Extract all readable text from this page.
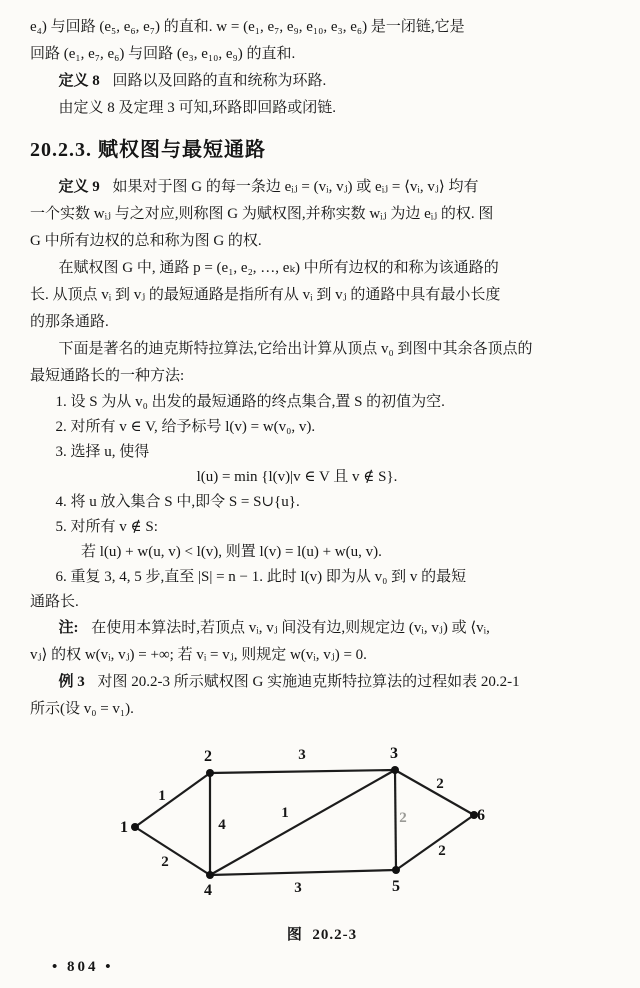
e₄) 与回路 (e₅, e₆, e₇) 的直和. w = (e₁, e₇, e₉, e₁₀, e₃, e₆) 是一闭链,它是
回路 (e₁, e₇, e₆) 与回路 (e₃, e₁₀, e₉) 的直和.
定义 8 回路以及回路的直和统称为环路.
由定义 8 及定理 3 可知,环路即回路或闭链.
20.2.3. 赋权图与最短通路
定义 9 如果对于图 G 的每一条边 eᵢⱼ = (vᵢ, vⱼ) 或 eᵢⱼ = ⟨vᵢ, vⱼ⟩ 均有
一个实数 wᵢⱼ 与之对应,则称图 G 为赋权图,并称实数 wᵢⱼ 为边 eᵢⱼ 的权. 图
G 中所有边权的总和称为图 G 的权.
在赋权图 G 中, 通路 p = (e₁, e₂, …, eₖ) 中所有边权的和称为该通路的
长. 从顶点 vᵢ 到 vⱼ 的最短通路是指所有从 vᵢ 到 vⱼ 的通路中具有最小长度
的那条通路.
下面是著名的迪克斯特拉算法,它给出计算从顶点 v₀ 到图中其余各顶点的
最短通路长的一种方法:
1. 设 S 为从 v₀ 出发的最短通路的终点集合,置 S 的初值为空.
2. 对所有 v ∈ V, 给予标号 l(v) = w(v₀, v).
3. 选择 u, 使得
l(u) = min {l(v)|v ∈ V 且 v ∉ S}.
4. 将 u 放入集合 S 中,即令 S = S∪{u}.
5. 对所有 v ∉ S:
若 l(u) + w(u, v) < l(v), 则置 l(v) = l(u) + w(u, v).
6. 重复 3, 4, 5 步,直至 |S| = n − 1. 此时 l(v) 即为从 v₀ 到 v 的最短
通路长.
注: 在使用本算法时,若顶点 vᵢ, vⱼ 间没有边,则规定边 (vᵢ, vⱼ) 或 ⟨vᵢ,
vⱼ⟩ 的权 w(vᵢ, vⱼ) = +∞; 若 vᵢ = vⱼ, 则规定 w(vᵢ, vⱼ) = 0.
例 3 对图 20.2-3 所示赋权图 G 实施迪克斯特拉算法的过程如表 20.2-1
所示(设 v₀ = v₁).
1
2
3
4
1	2
2
2
3
1
2	3
4	5
6
图  20.2-3
• 804 •
